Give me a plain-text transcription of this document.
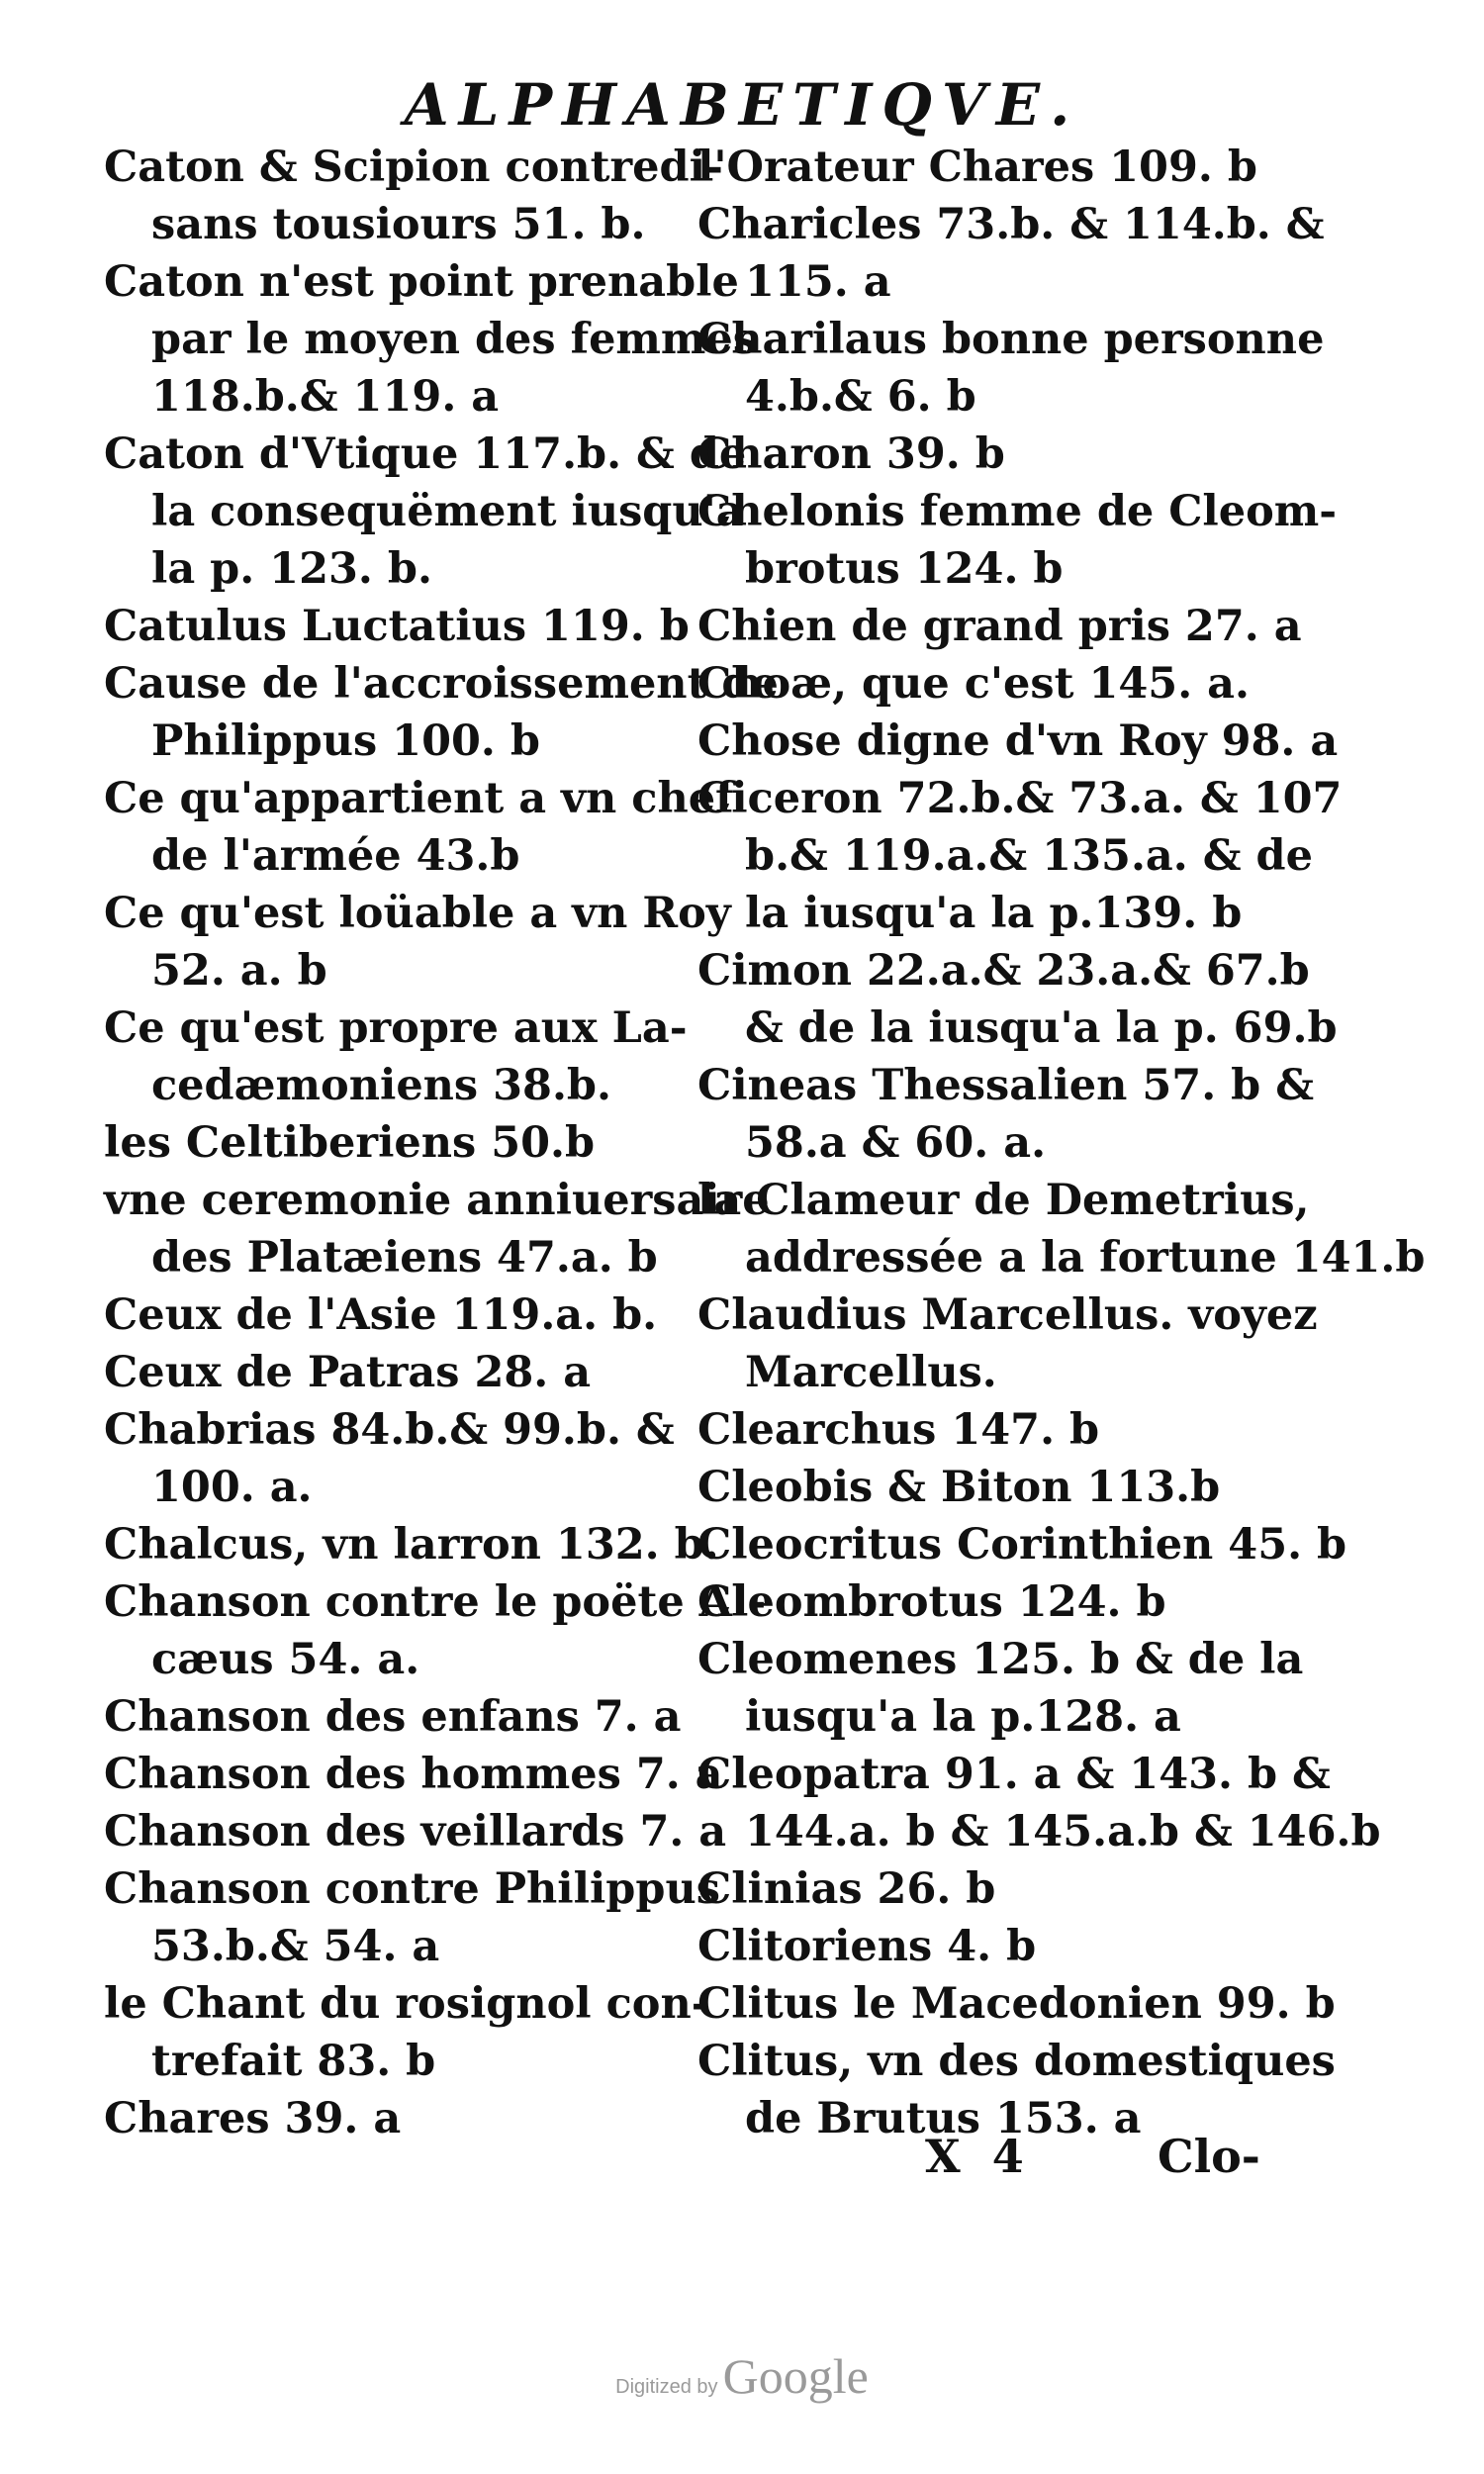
ALPHABETIQVE.
Caton & Scipion contredi-
sans tousiours 51. b.
Caton n'est point prenable
par le moyen des femmes
118.b.& 119. a
Caton d'Vtique 117.b. & de
la consequëment iusqu'a
la p. 123. b.
Catulus Luctatius 119. b
Cause de l'accroissement de
Philippus 100. b
Ce qu'appartient a vn chef
de l'armée 43.b
Ce qu'est loüable a vn Roy
52. a. b
Ce qu'est propre aux La-
cedæmoniens 38.b.
les Celtiberiens 50.b
vne ceremonie anniuersaire
des Platæiens 47.a. b
Ceux de l'Asie 119.a. b.
Ceux de Patras 28. a
Chabrias 84.b.& 99.b. &
100. a.
Chalcus, vn larron 132. b.
Chanson contre le poëte Al-
cæus 54. a.
Chanson des enfans 7. a
Chanson des hommes 7. a
Chanson des veillards 7. a
Chanson contre Philippus
53.b.& 54. a
le Chant du rosignol con-
trefait 83. b
Chares 39. a
l'Orateur Chares 109. b
Charicles 73.b. & 114.b. &
115. a
Charilaus bonne personne
4.b.& 6. b
Charon 39. b
Chelonis femme de Cleom-
brotus 124. b
Chien de grand pris 27. a
Choæ, que c'est 145. a.
Chose digne d'vn Roy 98. a
Ciceron 72.b.& 73.a. & 107
b.& 119.a.& 135.a. & de
la iusqu'a la p.139. b
Cimon 22.a.& 23.a.& 67.b
& de la iusqu'a la p. 69.b
Cineas Thessalien 57. b &
58.a & 60. a.
la Clameur de Demetrius,
addressée a la fortune 141.b
Claudius Marcellus. voyez
Marcellus.
Clearchus 147. b
Cleobis & Biton 113.b
Cleocritus Corinthien 45. b
Cleombrotus 124. b
Cleomenes 125. b & de la
iusqu'a la p.128. a
Cleopatra 91. a & 143. b &
144.a. b & 145.a.b & 146.b
Clinias 26. b
Clitoriens 4. b
Clitus le Macedonien 99. b
Clitus, vn des domestiques
de Brutus 153. a
X 4	Clo-
Digitized by Google
